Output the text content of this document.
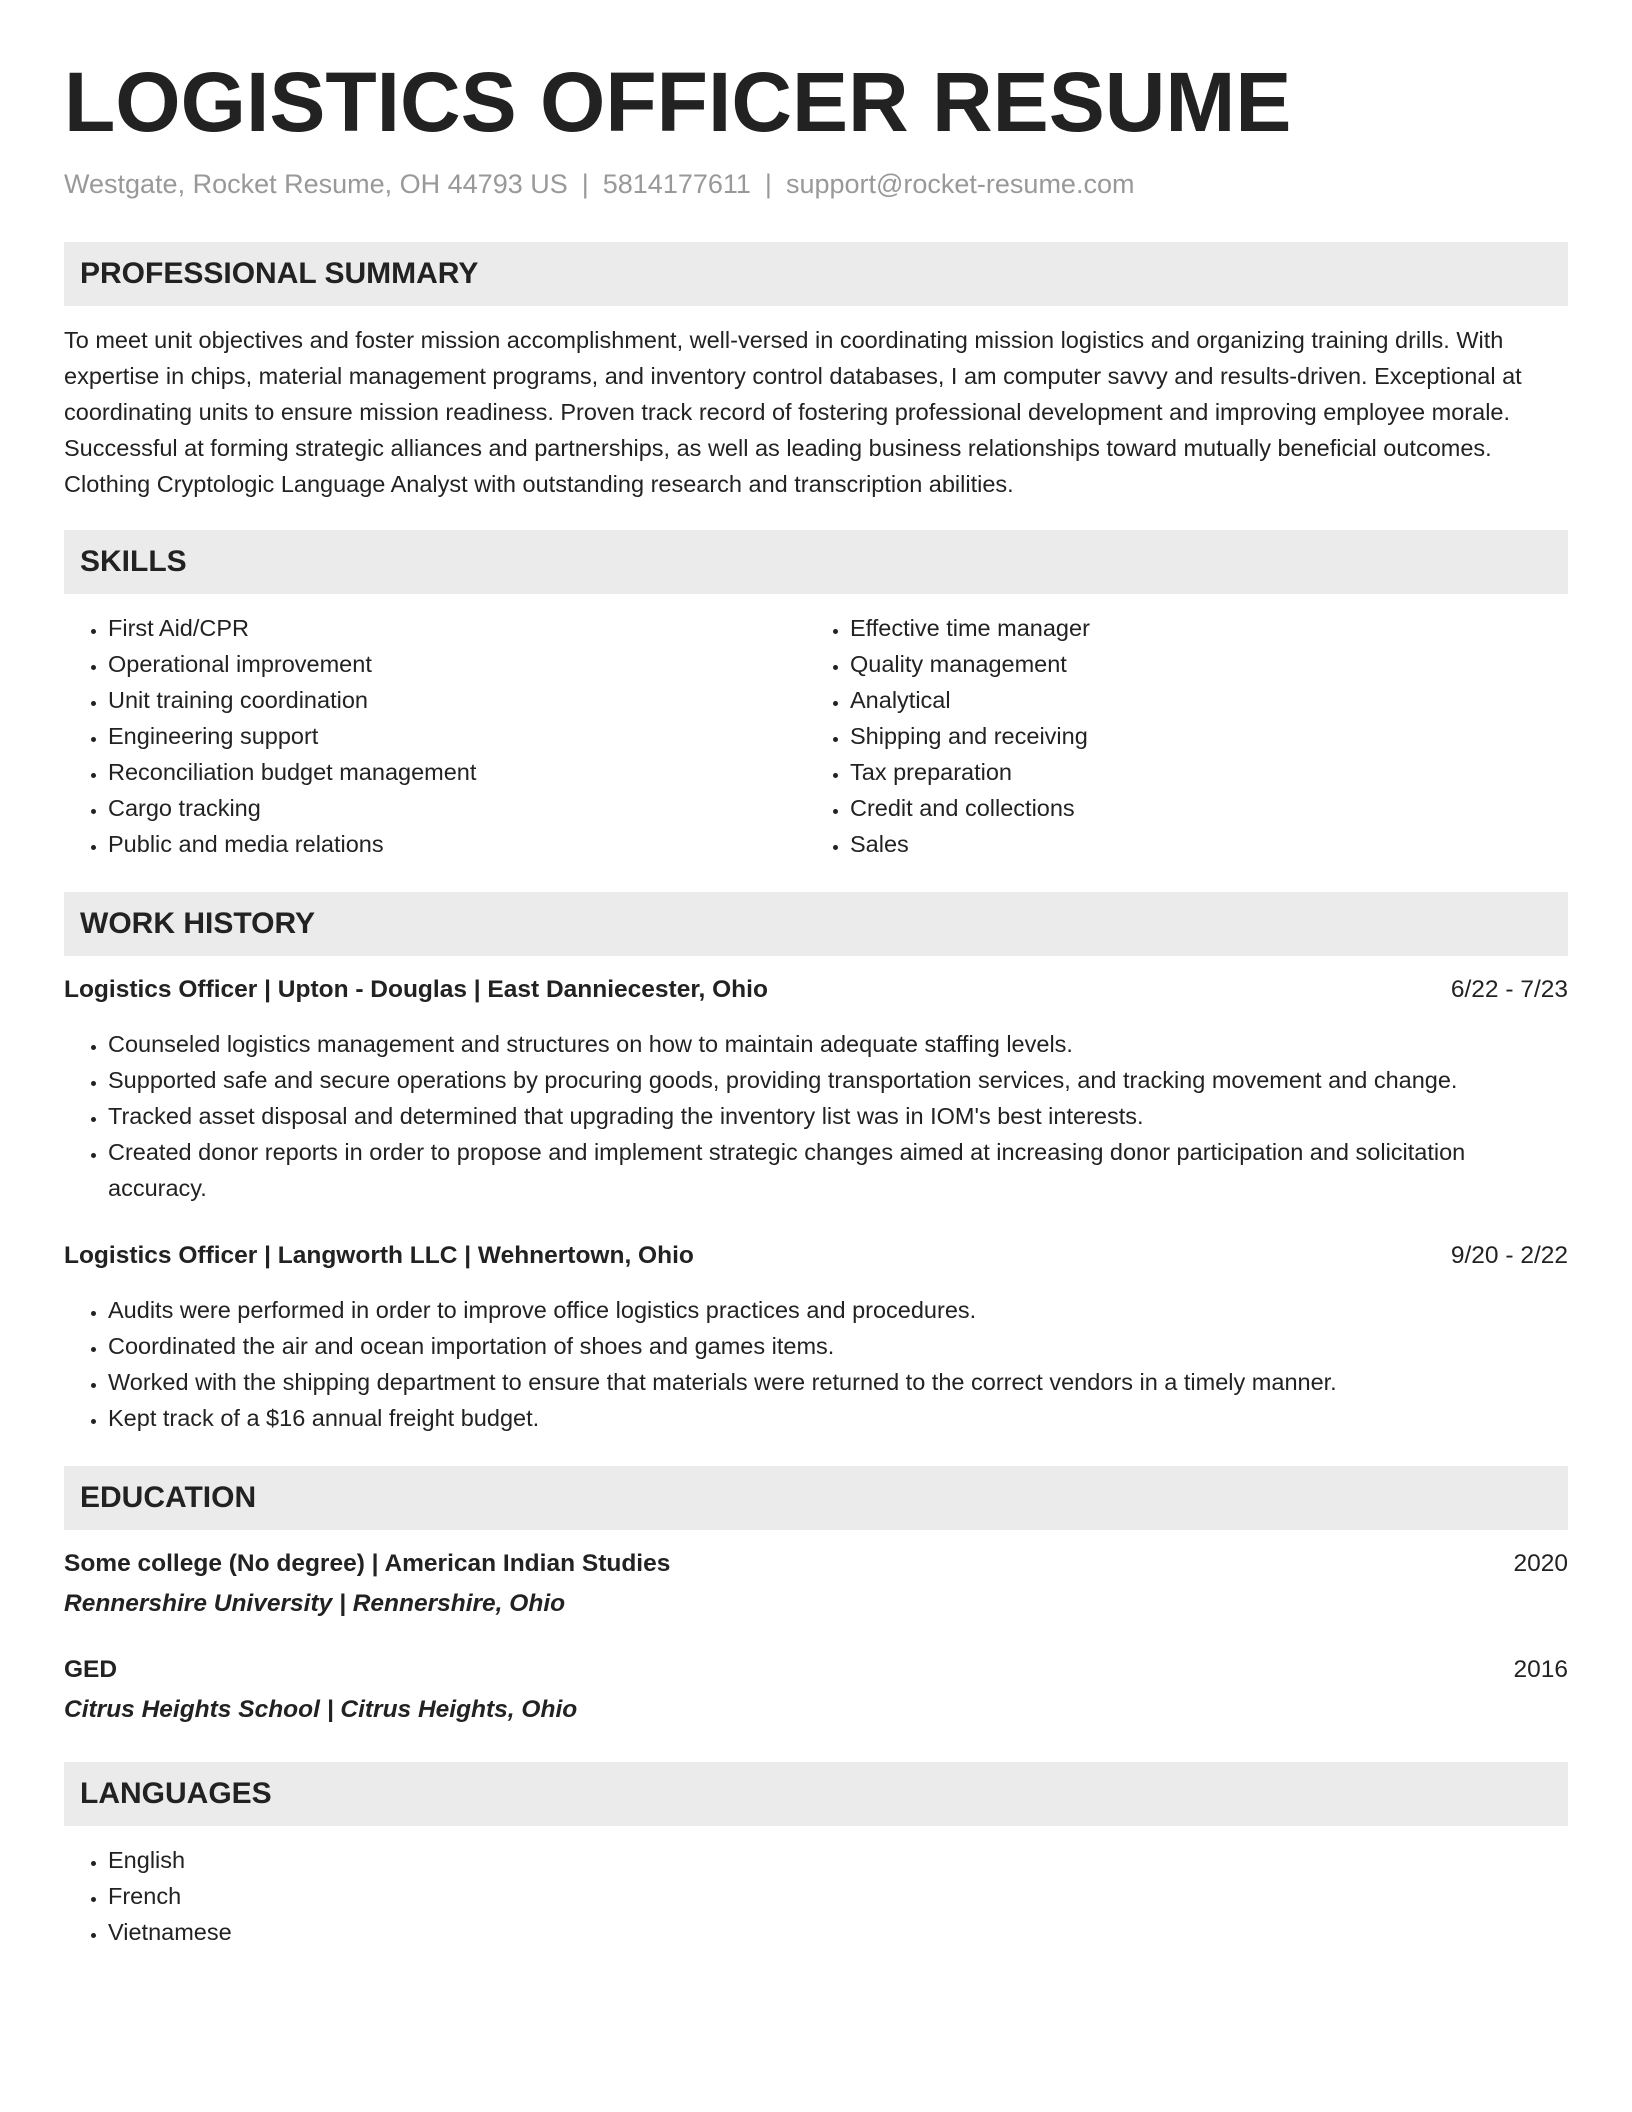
LOGISTICS OFFICER RESUME
Westgate, Rocket Resume, OH 44793 US | 5814177611 | support@rocket-resume.com
PROFESSIONAL SUMMARY

To meet unit objectives and foster mission accomplishment, well-versed in coordinating mission logistics and organizing training drills. With expertise in chips, material management programs, and inventory control databases, I am computer savvy and results-driven. Exceptional at coordinating units to ensure mission readiness. Proven track record of fostering professional development and improving employee morale. Successful at forming strategic alliances and partnerships, as well as leading business relationships toward mutually beneficial outcomes. Clothing Cryptologic Language Analyst with outstanding research and transcription abilities.

SKILLS
• First Aid/CPR
• Operational improvement
• Unit training coordination
• Engineering support
• Reconciliation budget management
• Cargo tracking
• Public and media relations
• Effective time manager
• Quality management
• Analytical
• Shipping and receiving
• Tax preparation
• Credit and collections
• Sales
WORK HISTORY
Logistics Officer | Upton - Douglas | East Danniecester, Ohio	6/22 - 7/23
• Counseled logistics management and structures on how to maintain adequate staffing levels.
• Supported safe and secure operations by procuring goods, providing transportation services, and tracking movement and change.
• Tracked asset disposal and determined that upgrading the inventory list was in IOM's best interests.
• Created donor reports in order to propose and implement strategic changes aimed at increasing donor participation and solicitation accuracy.
Logistics Officer | Langworth LLC | Wehnertown, Ohio	9/20 - 2/22
• Audits were performed in order to improve office logistics practices and procedures.
• Coordinated the air and ocean importation of shoes and games items.
• Worked with the shipping department to ensure that materials were returned to the correct vendors in a timely manner.
• Kept track of a $16 annual freight budget.
EDUCATION
Some college (No degree) | American Indian Studies	2020
Rennershire University | Rennershire, Ohio
GED	2016
Citrus Heights School | Citrus Heights, Ohio
LANGUAGES
• English
• French
• Vietnamese
